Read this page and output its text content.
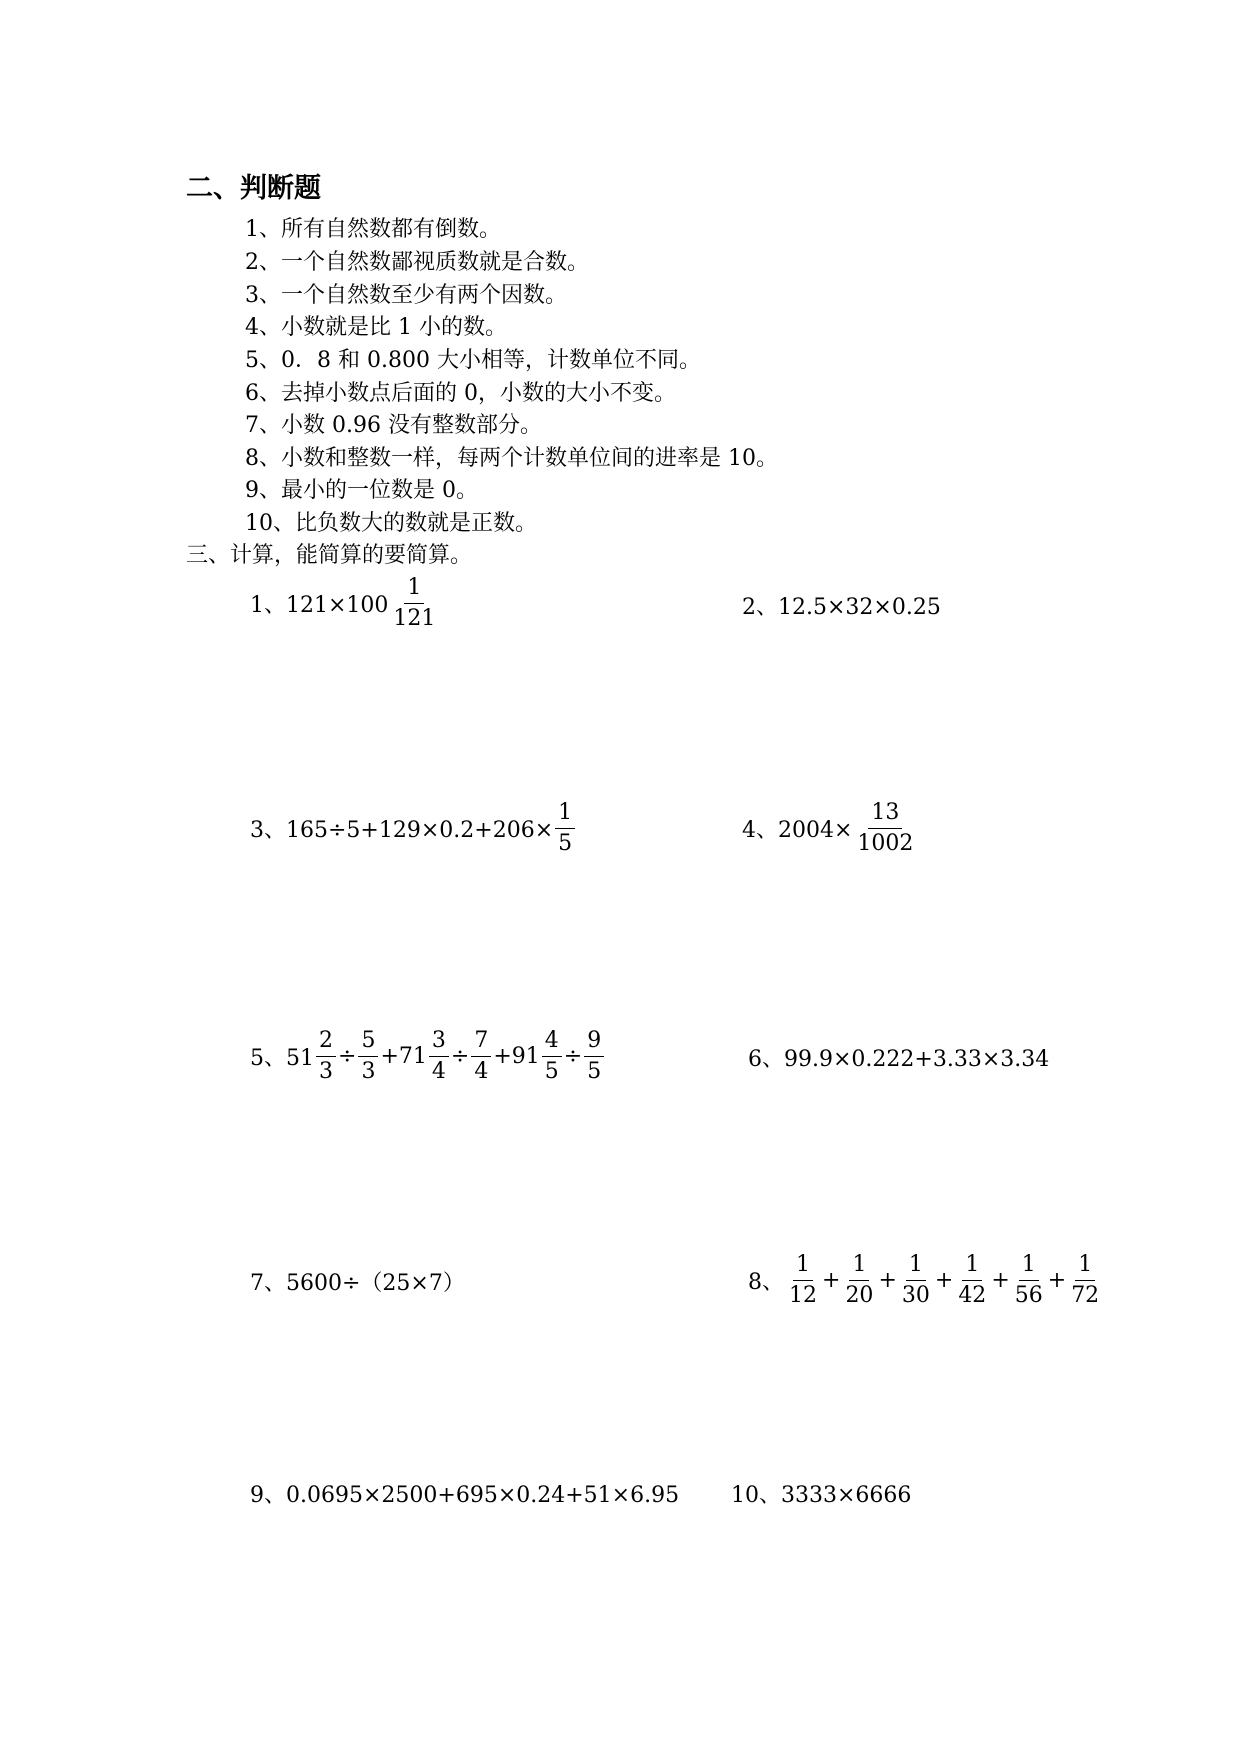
二、判断题
1、所有自然数都有倒数。
2、一个自然数鄙视质数就是合数。
3、一个自然数至少有两个因数。
4、小数就是比 1 小的数。
5、0．8 和 0.800 大小相等，计数单位不同。
6、去掉小数点后面的 0，小数的大小不变。
7、小数 0.96 没有整数部分。
8、小数和整数一样，每两个计数单位间的进率是 10。
9、最小的一位数是 0。
10、比负数大的数就是正数。
三、计算，能简算的要简算。
1、$121\times 100 \frac{1}{121}$	2、12.5×32×0.25
3、$165\div 5+129\times 0.2+206\times \frac{1}{5}$	4、$2004\times \frac{13}{1002}$
5、$51 \frac{2}{3} \div \frac{5}{3} +71 \frac{3}{4} \div \frac{7}{4} +91 \frac{4}{5} \div \frac{9}{5}$	6、99.9×0.222+3.33×3.34
7、5600÷（25×7）	8、 $\frac{1}{12} + \frac{1}{20} + \frac{1}{30} + \frac{1}{42} + \frac{1}{56} + \frac{1}{72}$
9、0.0695×2500+695×0.24+51×6.95 10、3333×6666
